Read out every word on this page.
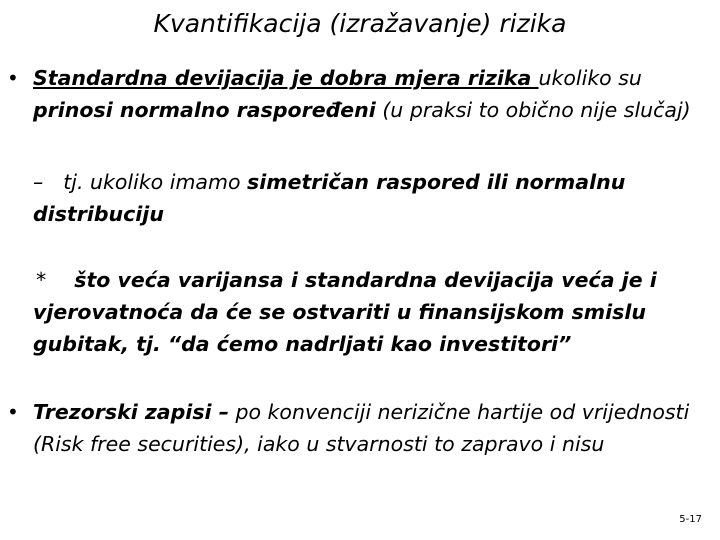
Kvantifikacija (izražavanje) rizika
• Standardna devijacija je dobra mjera rizika ukoliko su prinosi normalno raspoređeni (u praksi to obično nije slučaj)
– tj. ukoliko imamo simetričan raspored ili normalnu distribuciju
* što veća varijansa i standardna devijacija veća je i vjerovatnoća da će se ostvariti u finansijskom smislu gubitak, tj. “da ćemo nadrljati kao investitori”
• Trezorski zapisi – po konvenciji nerizične hartije od vrijednosti (Risk free securities), iako u stvarnosti to zapravo i nisu
5-17
